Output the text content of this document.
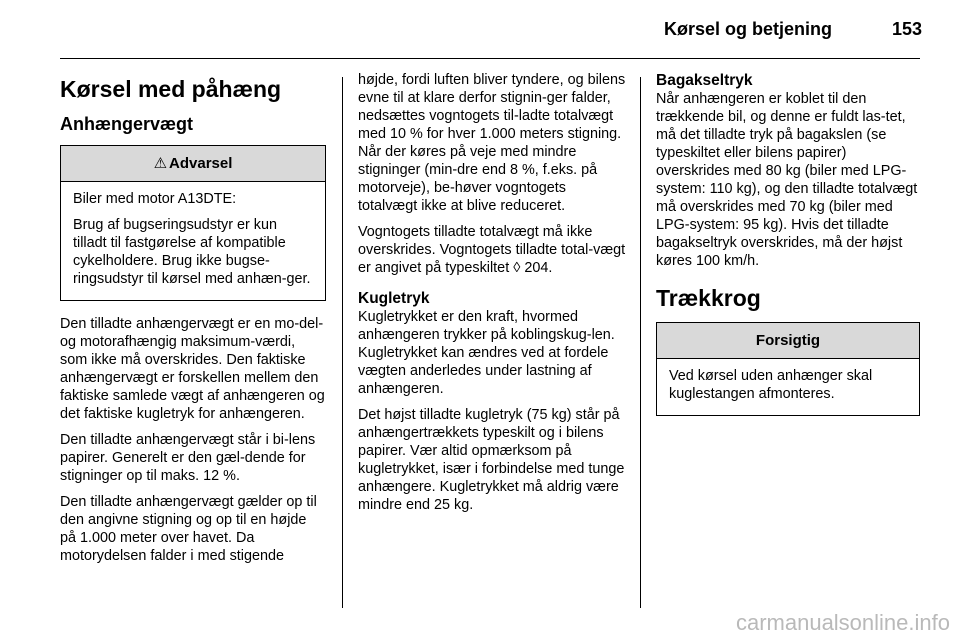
Kørsel og betjening	153
Kørsel med påhæng
Anhængervægt
⚠ Advarsel

Biler med motor A13DTE:

Brug af bugseringsudstyr er kun tilladt til fastgørelse af kompatible cykelholdere. Brug ikke bugse-ringsudstyr til kørsel med anhæn-ger.

Den tilladte anhængervægt er en mo-del- og motorafhængig maksimum-værdi, som ikke må overskrides. Den faktiske anhængervægt er forskellen mellem den faktiske samlede vægt af anhængeren og det faktiske kugletryk for anhængeren.

Den tilladte anhængervægt står i bi-lens papirer. Generelt er den gæl-dende for stigninger op til maks. 12 %.

Den tilladte anhængervægt gælder op til den angivne stigning og op til en højde på 1.000 meter over havet. Da motorydelsen falder i med stigende

højde, fordi luften bliver tyndere, og bilens evne til at klare derfor stignin-ger falder, nedsættes vogntogets til-ladte totalvægt med 10 % for hver 1.000 meters stigning. Når der køres på veje med mindre stigninger (min-dre end 8 %, f.eks. på motorveje), be-høver vogntogets totalvægt ikke at blive reduceret.

Vogntogets tilladte totalvægt må ikke overskrides. Vogntogets tilladte total-vægt er angivet på typeskiltet ◊ 204.

Kugletryk

Kugletrykket er den kraft, hvormed anhængeren trykker på koblingskug-len. Kugletrykket kan ændres ved at fordele vægten anderledes under lastning af anhængeren.

Det højst tilladte kugletryk (75 kg) står på anhængertrækkets typeskilt og i bilens papirer. Vær altid opmærksom på kugletrykket, især i forbindelse med tunge anhængere. Kugletrykket må aldrig være mindre end 25 kg.

Bagakseltryk

Når anhængeren er koblet til den trækkende bil, og denne er fuldt las-tet, må det tilladte tryk på bagakslen (se typeskiltet eller bilens papirer) overskrides med 80 kg (biler med LPG-system: 110 kg), og den tilladte totalvægt må overskrides med 70 kg (biler med LPG-system: 95 kg). Hvis det tilladte bagakseltryk overskrides, må der højst køres 100 km/h.

Trækkrog
Forsigtig

Ved kørsel uden anhænger skal kuglestangen afmonteres.

carmanualsonline.info
